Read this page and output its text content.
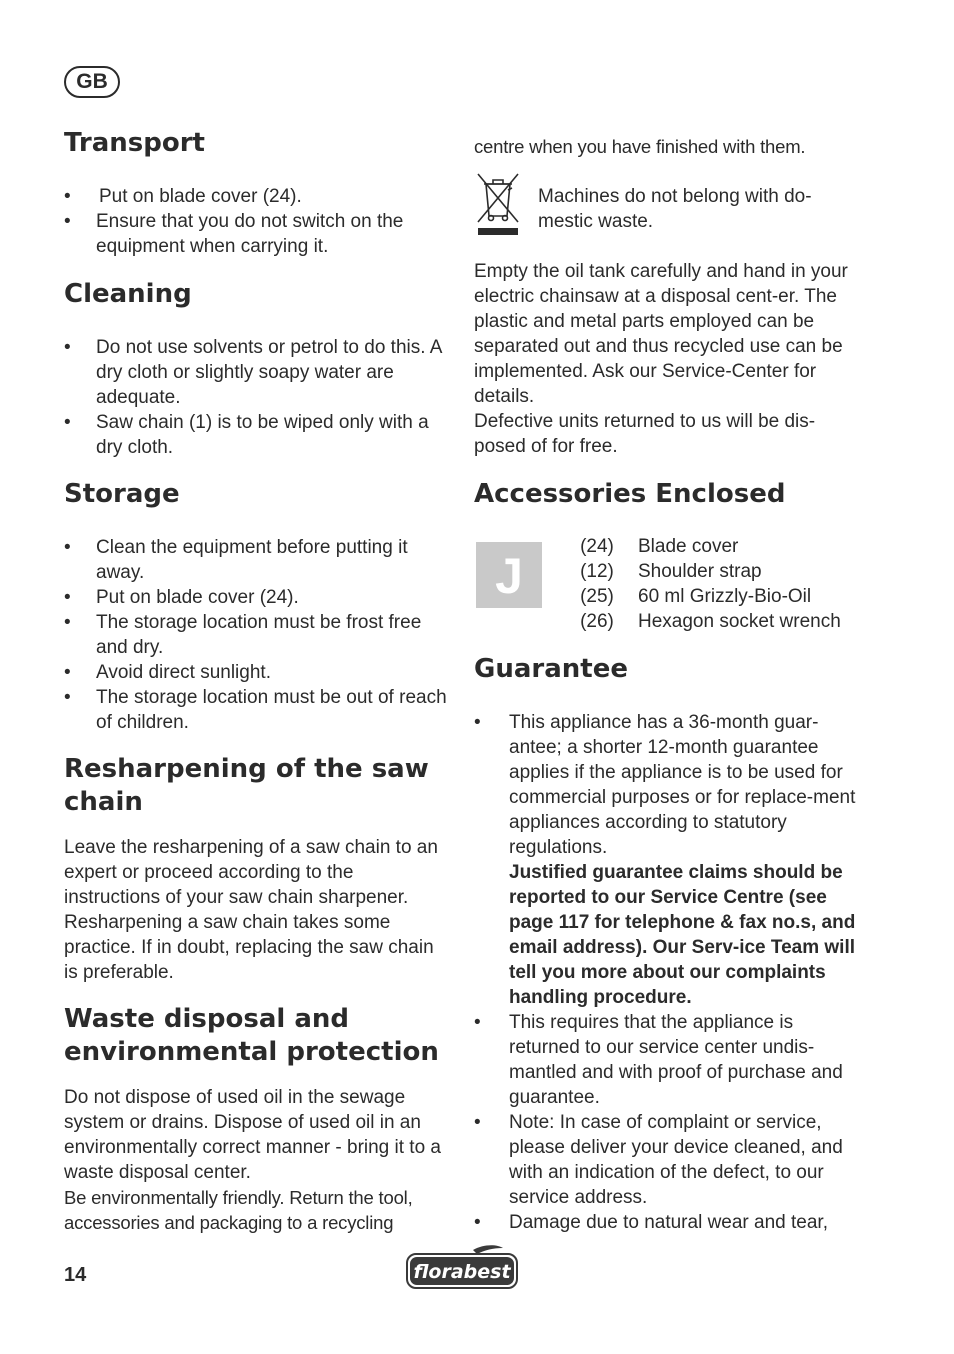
GB
Transport
• Put on blade cover (24).
• Ensure that you do not switch on the equipment when carrying it.
Cleaning
• Do not use solvents or petrol to do this. A dry cloth or slightly soapy water are adequate.
• Saw chain (1) is to be wiped only with a dry cloth.
Storage
• Clean the equipment before putting it away.
• Put on blade cover (24).
• The storage location must be frost free and dry.
• Avoid direct sunlight.
• The storage location must be out of reach of children.
Resharpening of the saw chain

Leave the resharpening of a saw chain to an expert or proceed according to the instructions of your saw chain sharpener. Resharpening a saw chain takes some practice. If in doubt, replacing the saw chain is preferable.

Waste disposal and environmental protection

Do not dispose of used oil in the sewage system or drains. Dispose of used oil in an environmentally correct manner - bring it to a waste disposal center.

Be environmentally friendly. Return the tool, accessories and packaging to a recycling

centre when you have finished with them.

Machines do not belong with do-mestic waste.

Empty the oil tank carefully and hand in your electric chainsaw at a disposal cent-er. The plastic and metal parts employed can be separated out and thus recycled use can be implemented. Ask our Service-Center for details.

Defective units returned to us will be dis-posed of for free.

Accessories Enclosed
J
(24)	Blade cover
(12)	Shoulder strap
(25)	60 ml Grizzly-Bio-Oil
(26)	Hexagon socket wrench
Guarantee
• This appliance has a 36-month guar-antee; a shorter 12-month guarantee applies if the appliance is to be used for commercial purposes or for replace-ment appliances according to statutory regulations.
Justified guarantee claims should be reported to our Service Centre (see page 117 for telephone & fax no.s, and email address). Our Serv-ice Team will tell you more about our complaints handling procedure.
• This requires that the appliance is returned to our service center undis-mantled and with proof of purchase and guarantee.
• Note: In case of complaint or service, please deliver your device cleaned, and with an indication of the defect, to our service address.
• Damage due to natural wear and tear,
14	florabest
